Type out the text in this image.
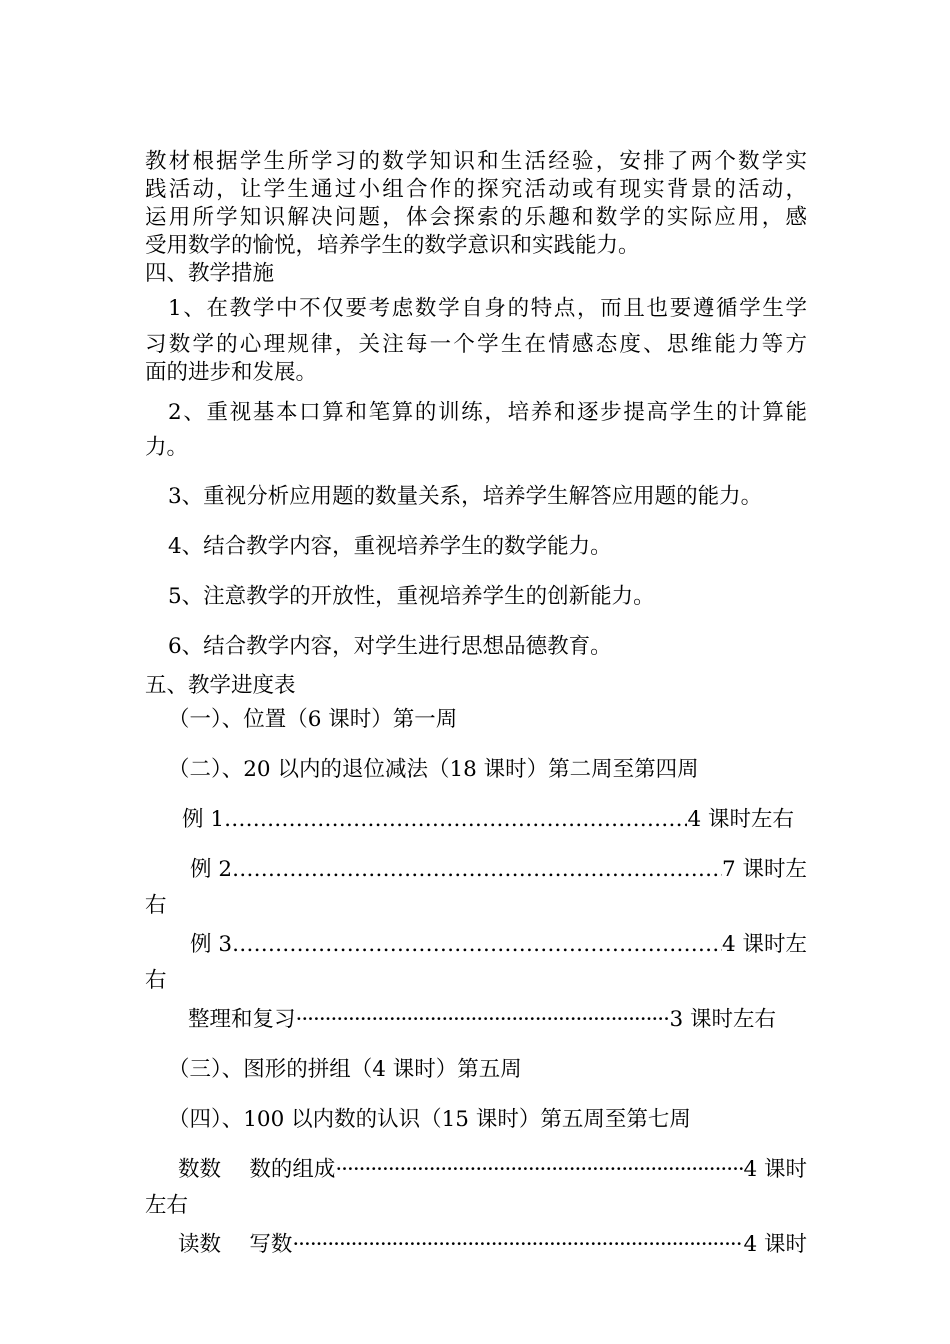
教材根据学生所学习的数学知识和生活经验，安排了两个数学实
践活动，让学生通过小组合作的探究活动或有现实背景的活动，
运用所学知识解决问题，体会探索的乐趣和数学的实际应用，感
受用数学的愉悦，培养学生的数学意识和实践能力。
四、教学措施
1、在教学中不仅要考虑数学自身的特点，而且也要遵循学生学
习数学的心理规律，关注每一个学生在情感态度、思维能力等方
面的进步和发展。
2、重视基本口算和笔算的训练，培养和逐步提高学生的计算能
力。
3、重视分析应用题的数量关系，培养学生解答应用题的能力。
4、结合教学内容，重视培养学生的数学能力。
5、注意教学的开放性，重视培养学生的创新能力。
6、结合教学内容，对学生进行思想品德教育。
五、教学进度表
（一）、位置（6 课时）第一周
（二）、20 以内的退位减法（18 课时）第二周至第四周
例 1 ………………………………………………………………………………………………………………………………	4 课时左右
例 2 ………………………………………………………………………………………………………………………………	7 课时左
右
例 3 ………………………………………………………………………………………………………………………………	4 课时左
右
整理和复习 ·····	3 课时左右
（三）、图形的拼组（4 课时）第五周
（四）、100 以内数的认识（15 课时）第五周至第七周
数数　 数的组成 ·····	4 课时
左右
读数　 写数 ·····	4 课时
